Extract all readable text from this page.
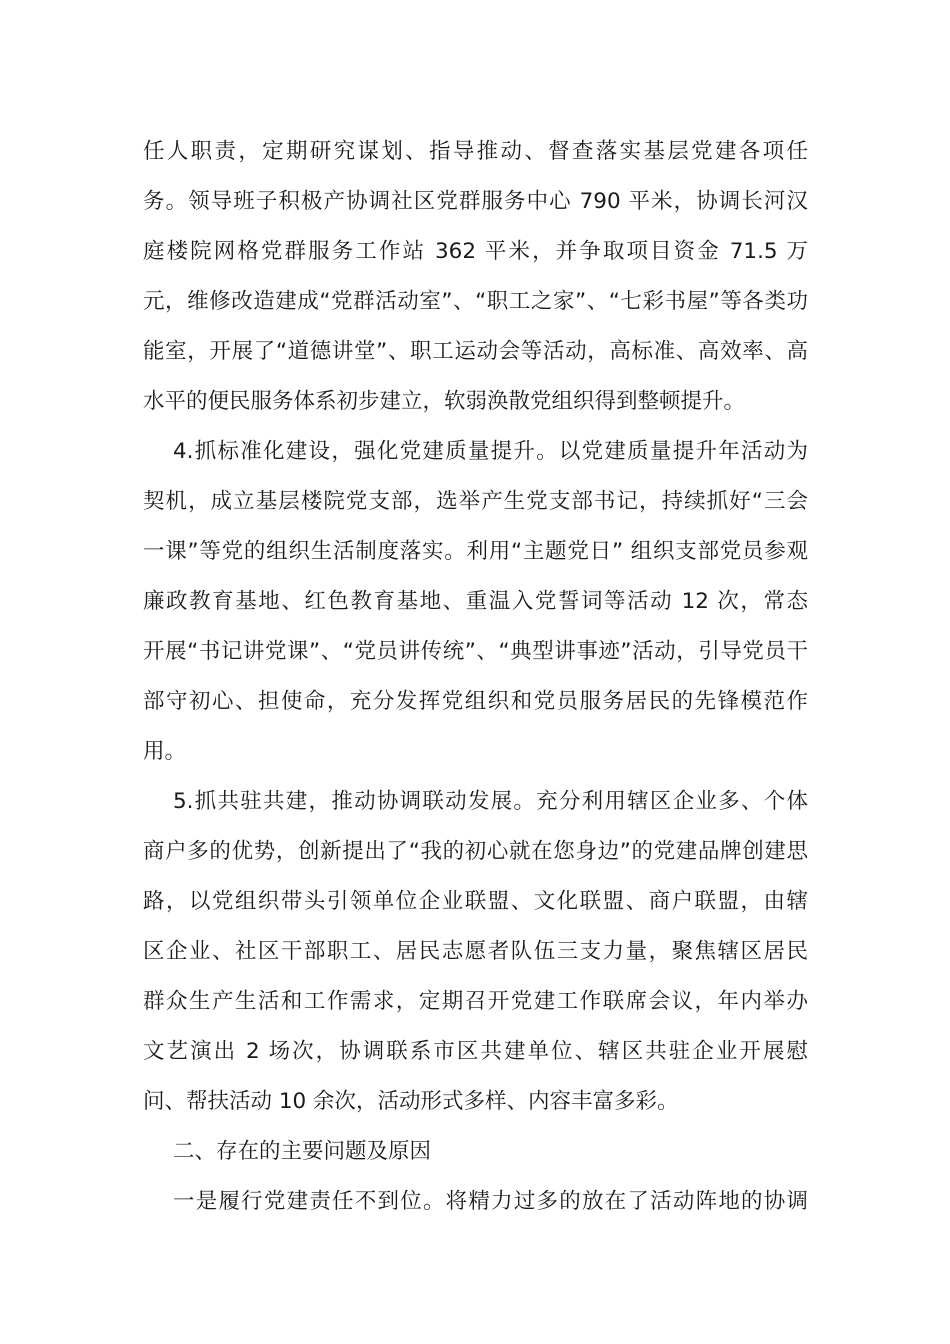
任人职责，定期研究谋划、指导推动、督查落实基层党建各项任
务。领导班子积极产协调社区党群服务中心 790 平米，协调长河汉
庭楼院网格党群服务工作站 362 平米，并争取项目资金 71.5 万
元，维修改造建成“党群活动室”、“职工之家”、“七彩书屋”等各类功
能室，开展了“道德讲堂”、职工运动会等活动，高标准、高效率、高
水平的便民服务体系初步建立，软弱涣散党组织得到整顿提升。
4.抓标准化建设，强化党建质量提升。以党建质量提升年活动为
契机，成立基层楼院党支部，选举产生党支部书记，持续抓好“三会
一课”等党的组织生活制度落实。利用“主题党日” 组织支部党员参观
廉政教育基地、红色教育基地、重温入党誓词等活动 12 次，常态
开展“书记讲党课”、“党员讲传统”、“典型讲事迹”活动，引导党员干
部守初心、担使命，充分发挥党组织和党员服务居民的先锋模范作
用。
5.抓共驻共建，推动协调联动发展。充分利用辖区企业多、个体
商户多的优势，创新提出了“我的初心就在您身边”的党建品牌创建思
路，以党组织带头引领单位企业联盟、文化联盟、商户联盟，由辖
区企业、社区干部职工、居民志愿者队伍三支力量，聚焦辖区居民
群众生产生活和工作需求，定期召开党建工作联席会议，年内举办
文艺演出 2 场次，协调联系市区共建单位、辖区共驻企业开展慰
问、帮扶活动 10 余次，活动形式多样、内容丰富多彩。
二、存在的主要问题及原因
一是履行党建责任不到位。将精力过多的放在了活动阵地的协调
